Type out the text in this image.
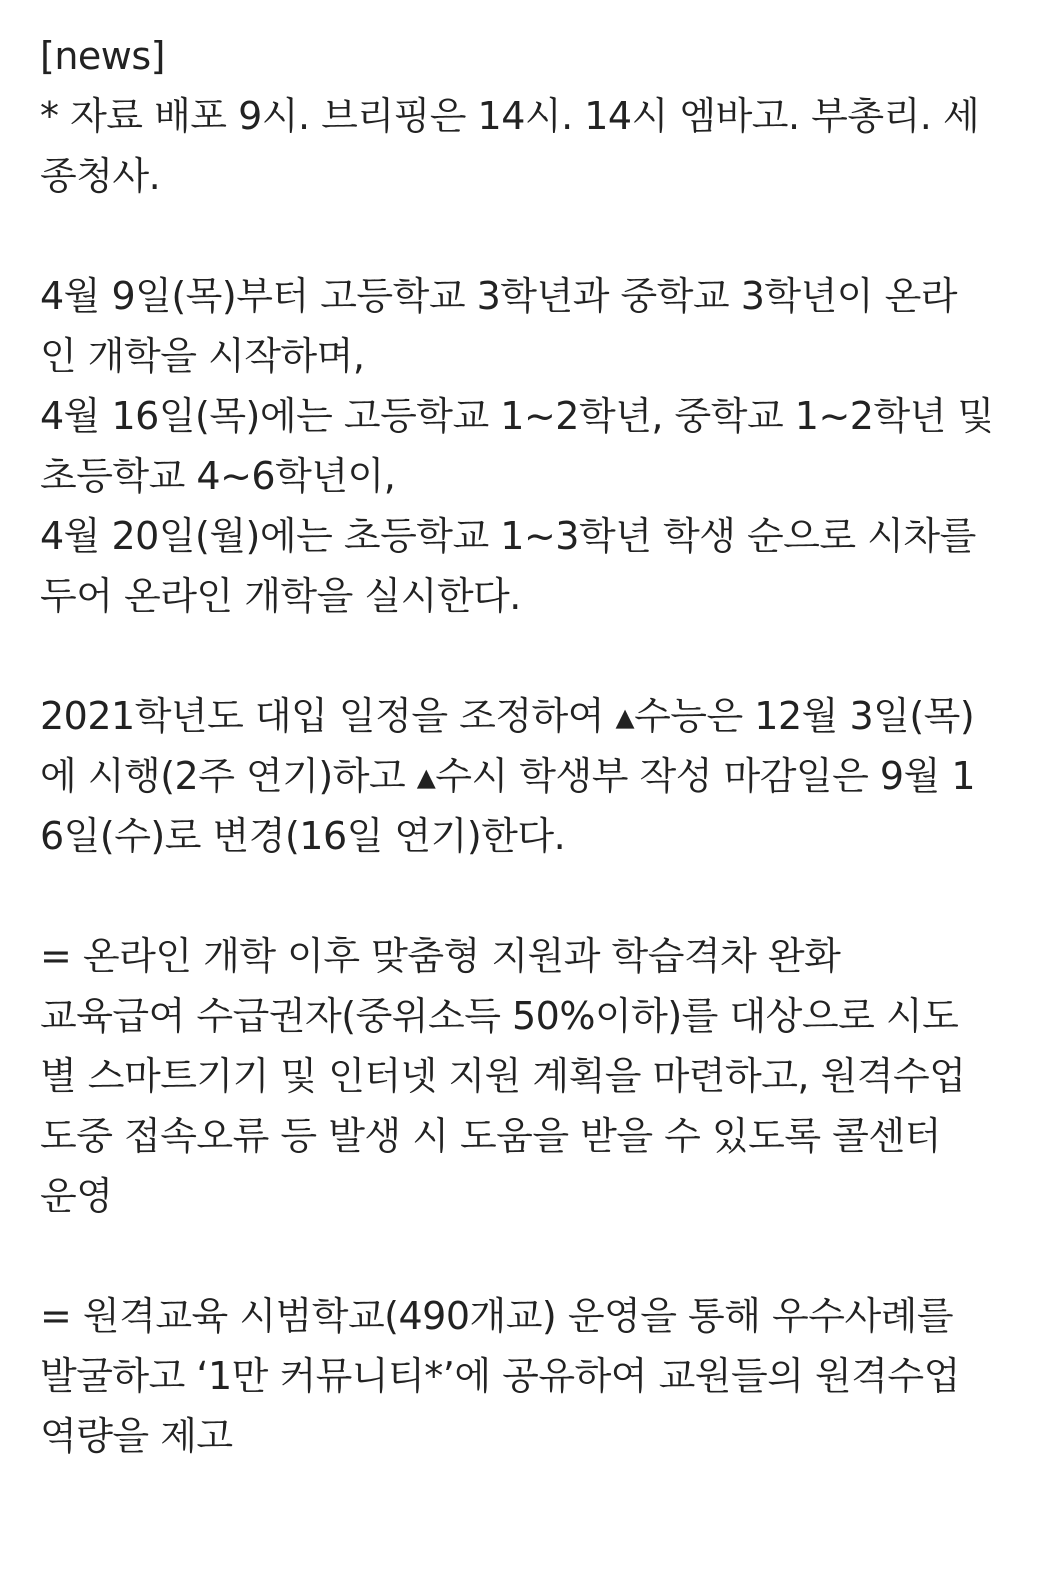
[news]
* 자료 배포 9시. 브리핑은 14시. 14시 엠바고. 부총리. 세
종청사.
4월 9일(목)부터 고등학교 3학년과 중학교 3학년이 온라
인 개학을 시작하며,
4월 16일(목)에는 고등학교 1~2학년, 중학교 1~2학년 및
초등학교 4~6학년이,
4월 20일(월)에는 초등학교 1~3학년 학생 순으로 시차를
두어 온라인 개학을 실시한다.
2021학년도 대입 일정을 조정하여 ▴수능은 12월 3일(목)
에 시행(2주 연기)하고 ▴수시 학생부 작성 마감일은 9월 1
6일(수)로 변경(16일 연기)한다.
= 온라인 개학 이후 맞춤형 지원과 학습격차 완화
교육급여 수급권자(중위소득 50%이하)를 대상으로 시도
별 스마트기기 및 인터넷 지원 계획을 마련하고, 원격수업
도중 접속오류 등 발생 시 도움을 받을 수 있도록 콜센터
운영
= 원격교육 시범학교(490개교) 운영을 통해 우수사례를
발굴하고 ‘1만 커뮤니티*’에 공유하여 교원들의 원격수업
역량을 제고
